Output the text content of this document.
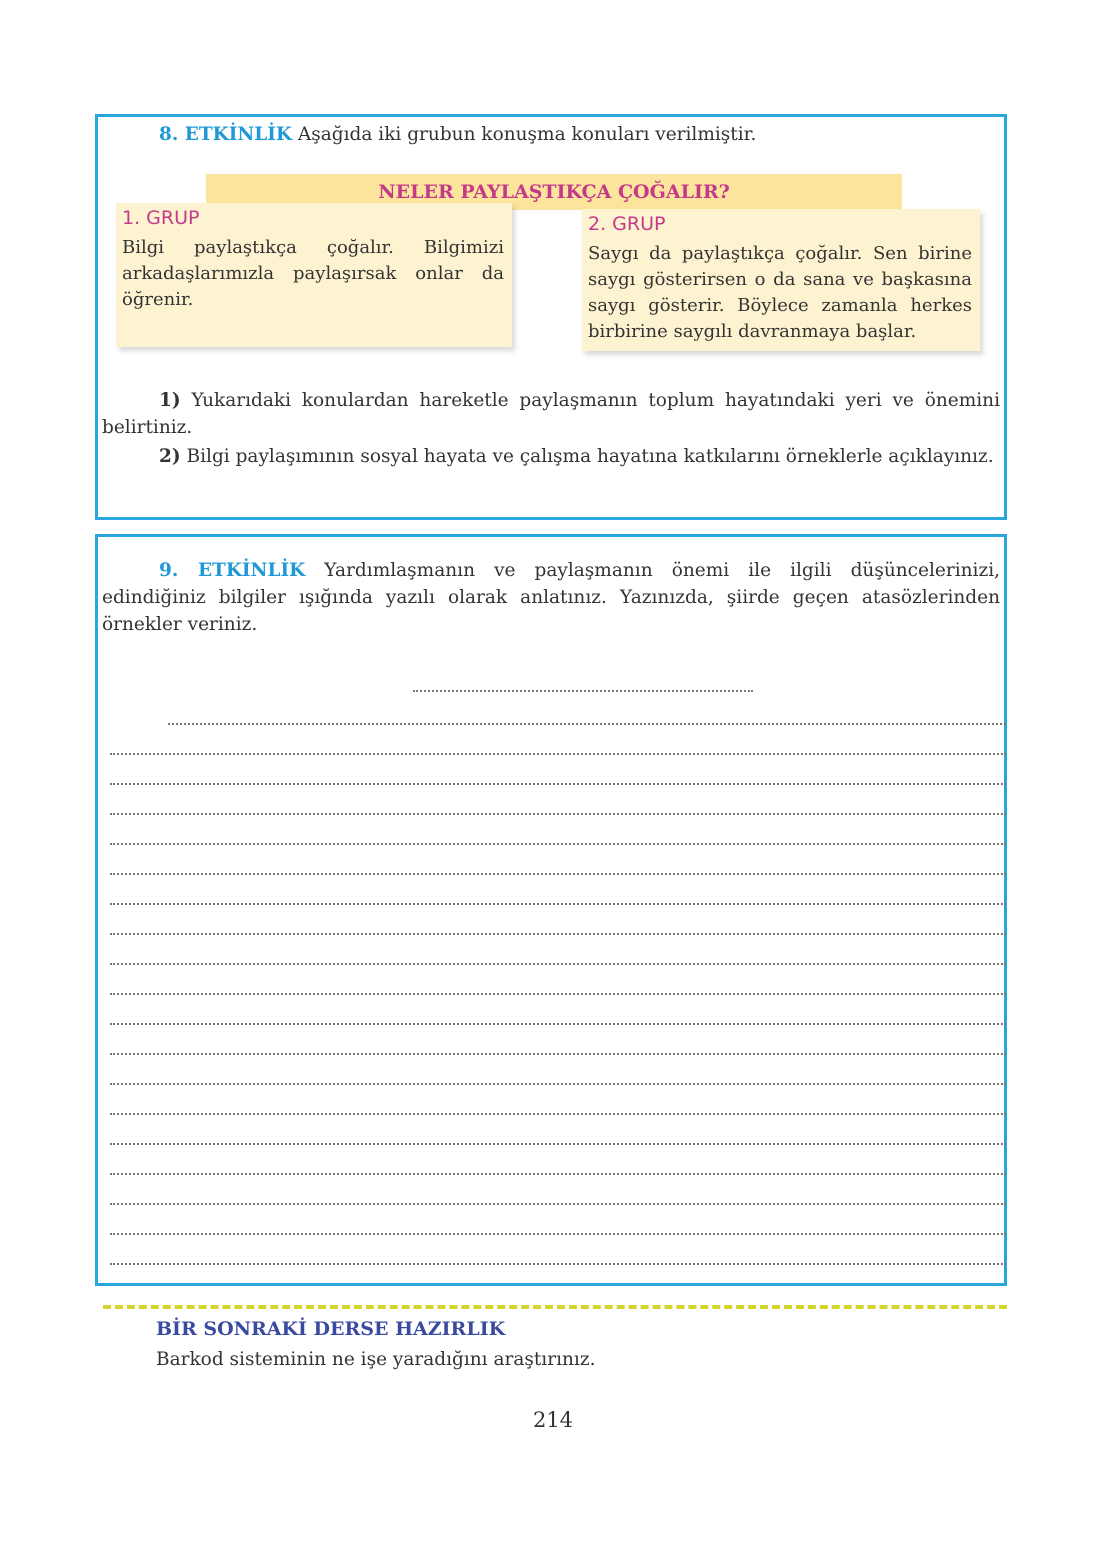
8. ETKİNLİK Aşağıda iki grubun konuşma konuları verilmiştir.
NELER PAYLAŞTIKÇA ÇOĞALIR?
1. GRUP
Bilgi paylaştıkça çoğalır. Bilgimizi arkadaşlarımızla paylaşırsak onlar da öğrenir.
2. GRUP
Saygı da paylaştıkça çoğalır. Sen birine saygı gösterirsen o da sana ve başkasına saygı gösterir. Böylece zamanla herkes birbirine saygılı davranmaya başlar.
1) Yukarıdaki konulardan hareketle paylaşmanın toplum hayatındaki yeri ve önemini belirtiniz.
2) Bilgi paylaşımının sosyal hayata ve çalışma hayatına katkılarını örneklerle açıklayınız.
9. ETKİNLİK Yardımlaşmanın ve paylaşmanın önemi ile ilgili düşüncelerinizi, edindiğiniz bilgiler ışığında yazılı olarak anlatınız. Yazınızda, şiirde geçen atasözlerinden örnekler veriniz.
BİR SONRAKİ DERSE HAZIRLIK
Barkod sisteminin ne işe yaradığını araştırınız.
214
